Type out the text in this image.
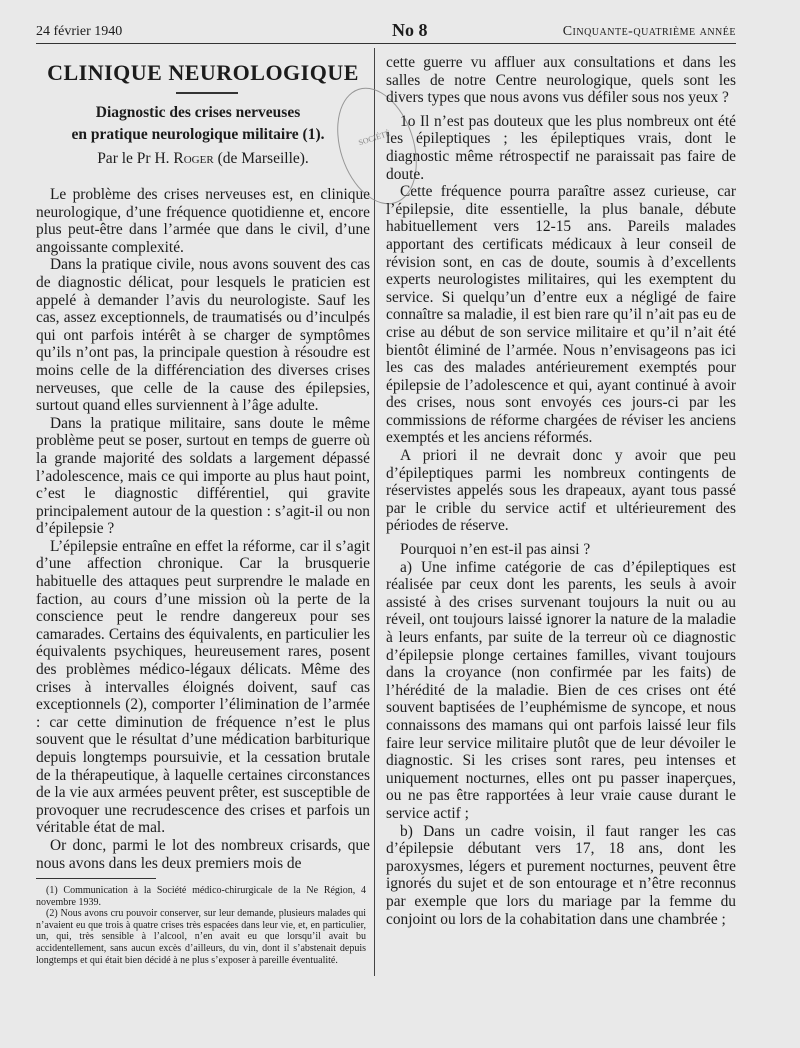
24 février 1940	No 8	Cinquante-quatrième année
CLINIQUE NEUROLOGIQUE
Diagnostic des crises nerveuses
en pratique neurologique militaire (1).
Par le Pr H. Roger (de Marseille).

Le problème des crises nerveuses est, en clinique neurologique, d’une fréquence quotidienne et, encore plus peut-être dans l’armée que dans le civil, d’une angoissante complexité.

Dans la pratique civile, nous avons souvent des cas de diagnostic délicat, pour lesquels le praticien est appelé à demander l’avis du neurologiste. Sauf les cas, assez exceptionnels, de traumatisés ou d’inculpés qui ont parfois intérêt à se charger de symptômes qu’ils n’ont pas, la principale question à résoudre est moins celle de la différenciation des diverses crises nerveuses, que celle de la cause des épilepsies, surtout quand elles surviennent à l’âge adulte.

Dans la pratique militaire, sans doute le même problème peut se poser, surtout en temps de guerre où la grande majorité des soldats a largement dépassé l’adolescence, mais ce qui importe au plus haut point, c’est le diagnostic différentiel, qui gravite principalement autour de la question : s’agit-il ou non d’épilepsie ?

L’épilepsie entraîne en effet la réforme, car il s’agit d’une affection chronique. Car la brusquerie habituelle des attaques peut surprendre le malade en faction, au cours d’une mission où la perte de la conscience peut le rendre dangereux pour ses camarades. Certains des équivalents, en particulier les équivalents psychiques, heureusement rares, posent des problèmes médico-légaux délicats. Même des crises à intervalles éloignés doivent, sauf cas exceptionnels (2), comporter l’élimination de l’armée : car cette diminution de fréquence n’est le plus souvent que le résultat d’une médication barbiturique depuis longtemps poursuivie, et la cessation brutale de la thérapeutique, à laquelle certaines circonstances de la vie aux armées peuvent prêter, est susceptible de provoquer une recrudescence des crises et parfois un véritable état de mal.

Or donc, parmi le lot des nombreux crisards, que nous avons dans les deux premiers mois de

(1) Communication à la Société médico-chirurgicale de la Ne Région, 4 novembre 1939.

(2) Nous avons cru pouvoir conserver, sur leur demande, plusieurs malades qui n’avaient eu que trois à quatre crises très espacées dans leur vie, et, en particulier, un, qui, très sensible à l’alcool, n’en avait eu que lorsqu’il avait bu accidentellement, sans aucun excès d’ailleurs, du vin, dont il s’abstenait depuis longtemps et qui était bien décidé à ne plus s’exposer à pareille éventualité.

SOCIÉTÉ

cette guerre vu affluer aux consultations et dans les salles de notre Centre neurologique, quels sont les divers types que nous avons vus défiler sous nos yeux ?

1o Il n’est pas douteux que les plus nombreux ont été les épileptiques ; les épileptiques vrais, dont le diagnostic même rétrospectif ne paraissait pas faire de doute.

Cette fréquence pourra paraître assez curieuse, car l’épilepsie, dite essentielle, la plus banale, débute habituellement vers 12-15 ans. Pareils malades apportant des certificats médicaux à leur conseil de révision sont, en cas de doute, soumis à d’excellents experts neurologistes militaires, qui les exemptent du service. Si quelqu’un d’entre eux a négligé de faire connaître sa maladie, il est bien rare qu’il n’ait pas eu de crise au début de son service militaire et qu’il n’ait été bientôt éliminé de l’armée. Nous n’envisageons pas ici les cas des malades antérieurement exemptés pour épilepsie de l’adolescence et qui, ayant continué à avoir des crises, nous sont envoyés ces jours-ci par les commissions de réforme chargées de réviser les anciens exemptés et les anciens réformés.

A priori il ne devrait donc y avoir que peu d’épileptiques parmi les nombreux contingents de réservistes appelés sous les drapeaux, ayant tous passé par le crible du service actif et ultérieurement des périodes de réserve.

Pourquoi n’en est-il pas ainsi ?

a) Une infime catégorie de cas d’épileptiques est réalisée par ceux dont les parents, les seuls à avoir assisté à des crises survenant toujours la nuit ou au réveil, ont toujours laissé ignorer la nature de la maladie à leurs enfants, par suite de la terreur où ce diagnostic d’épilepsie plonge certaines familles, vivant toujours dans la croyance (non confirmée par les faits) de l’hérédité de la maladie. Bien de ces crises ont été souvent baptisées de l’euphémisme de syncope, et nous connaissons des mamans qui ont parfois laissé leur fils faire leur service militaire plutôt que de leur dévoiler le diagnostic. Si les crises sont rares, peu intenses et uniquement nocturnes, elles ont pu passer inaperçues, ou ne pas être rapportées à leur vraie cause durant le service actif ;

b) Dans un cadre voisin, il faut ranger les cas d’épilepsie débutant vers 17, 18 ans, dont les paroxysmes, légers et purement nocturnes, peuvent être ignorés du sujet et de son entourage et n’être reconnus par exemple que lors du mariage par la femme du conjoint ou lors de la cohabitation dans une chambrée ;
